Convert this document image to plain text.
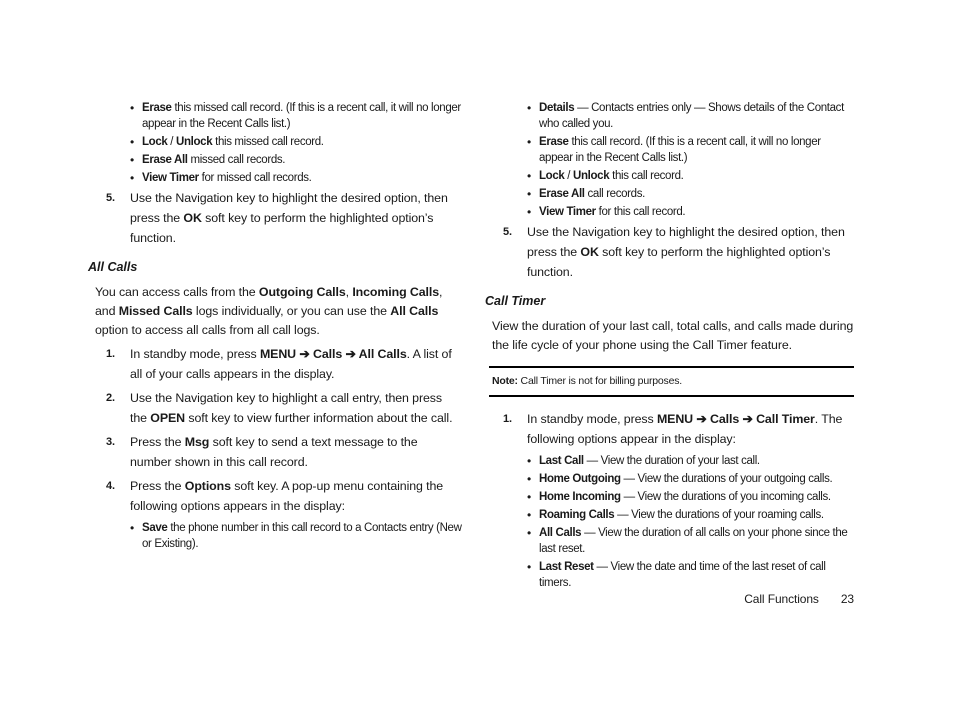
• Erase this missed call record. (If this is a recent call, it will no longer appear in the Recent Calls list.)
• Lock / Unlock this missed call record.
• Erase All missed call records.
• View Timer for missed call records.
5. Use the Navigation key to highlight the desired option, then press the OK soft key to perform the highlighted option’s function.
All Calls
You can access calls from the Outgoing Calls, Incoming Calls, and Missed Calls logs individually, or you can use the All Calls option to access all calls from all call logs.
1. In standby mode, press MENU ➔ Calls ➔ All Calls. A list of all of your calls appears in the display.
2. Use the Navigation key to highlight a call entry, then press the OPEN soft key to view further information about the call.
3. Press the Msg soft key to send a text message to the number shown in this call record.
4. Press the Options soft key. A pop-up menu containing the following options appears in the display:
• Save the phone number in this call record to a Contacts entry (New or Existing).
• Details — Contacts entries only — Shows details of the Contact who called you.
• Erase this call record. (If this is a recent call, it will no longer appear in the Recent Calls list.)
• Lock / Unlock this call record.
• Erase All call records.
• View Timer for this call record.
5. Use the Navigation key to highlight the desired option, then press the OK soft key to perform the highlighted option’s function.
Call Timer
View the duration of your last call, total calls, and calls made during the life cycle of your phone using the Call Timer feature.
Note: Call Timer is not for billing purposes.
1. In standby mode, press MENU ➔ Calls ➔ Call Timer. The following options appear in the display:
• Last Call — View the duration of your last call.
• Home Outgoing — View the durations of your outgoing calls.
• Home Incoming — View the durations of you incoming calls.
• Roaming Calls — View the durations of your roaming calls.
• All Calls — View the duration of all calls on your phone since the last reset.
• Last Reset — View the date and time of the last reset of call timers.
Call Functions 23
